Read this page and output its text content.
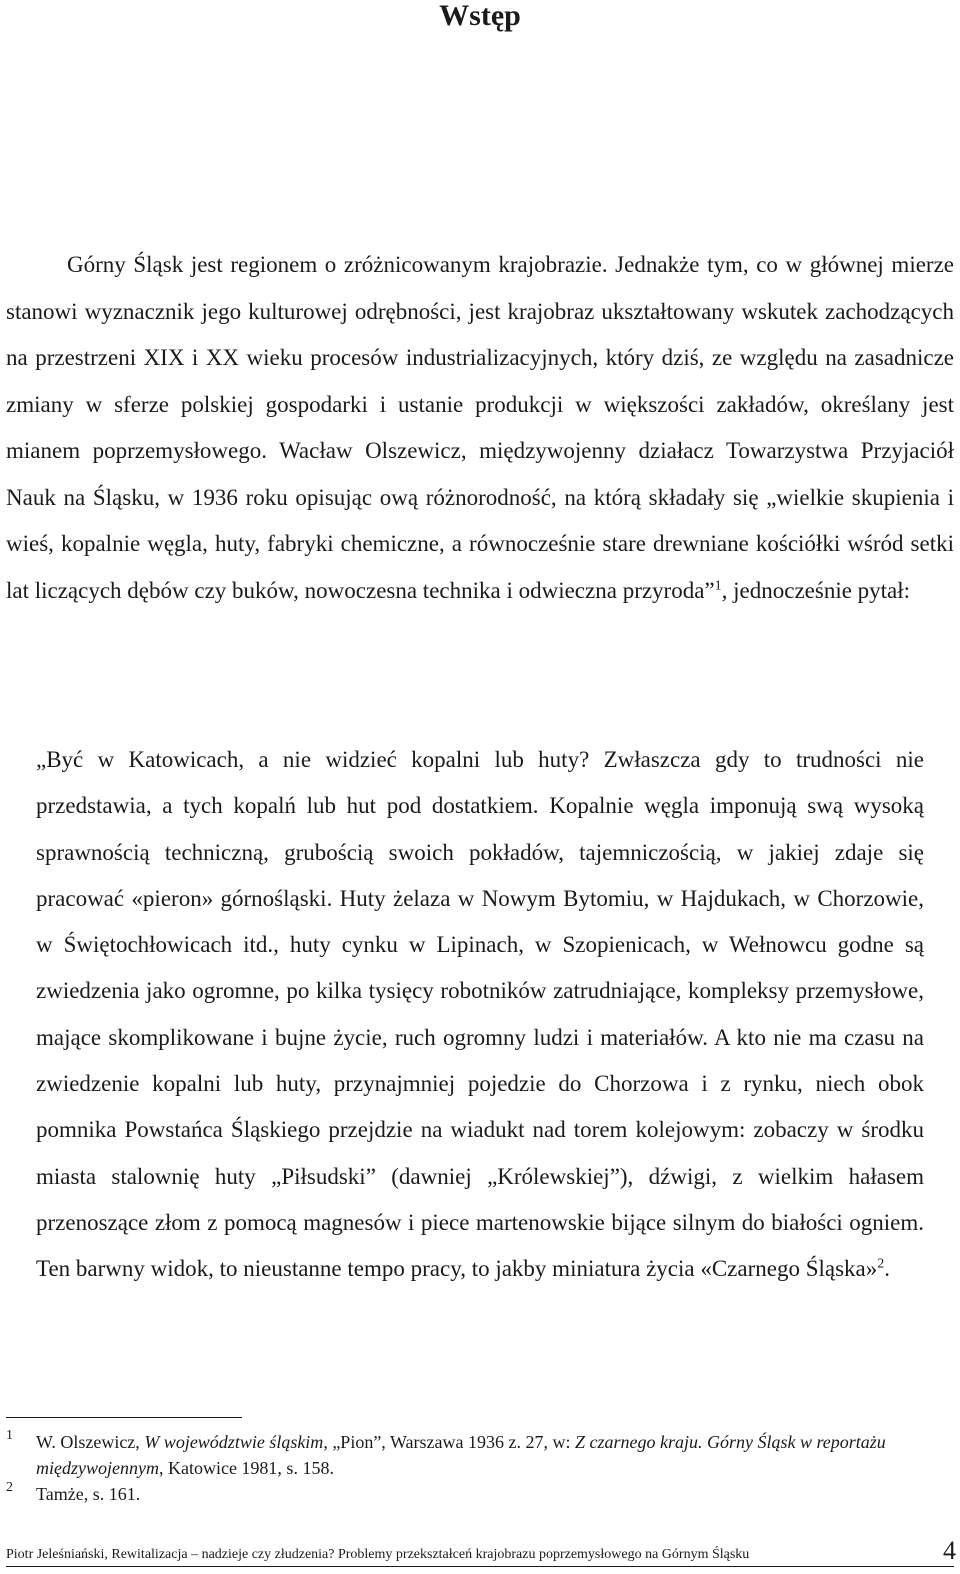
Wstęp

Górny Śląsk jest regionem o zróżnicowanym krajobrazie. Jednakże tym, co w głównej mierze stanowi wyznacznik jego kulturowej odrębności, jest krajobraz ukształtowany wskutek zachodzących na przestrzeni XIX i XX wieku procesów industrializacyjnych, który dziś, ze względu na zasadnicze zmiany w sferze polskiej gospodarki i ustanie produkcji w większości zakładów, określany jest mianem poprzemysłowego. Wacław Olszewicz, międzywojenny działacz Towarzystwa Przyjaciół Nauk na Śląsku, w 1936 roku opisując ową różnorodność, na którą składały się „wielkie skupienia i wieś, kopalnie węgla, huty, fabryki chemiczne, a równocześnie stare drewniane kościółki wśród setki lat liczących dębów czy buków, nowoczesna technika i odwieczna przyroda”$^1$, jednocześnie pytał:

„Być w Katowicach, a nie widzieć kopalni lub huty? Zwłaszcza gdy to trudności nie przedstawia, a tych kopalń lub hut pod dostatkiem. Kopalnie węgla imponują swą wysoką sprawnością techniczną, grubością swoich pokładów, tajemniczością, w jakiej zdaje się pracować «pieron» górnośląski. Huty żelaza w Nowym Bytomiu, w Hajdukach, w Chorzowie, w Świętochłowicach itd., huty cynku w Lipinach, w Szopienicach, w Wełnowcu godne są zwiedzenia jako ogromne, po kilka tysięcy robotników zatrudniające, kompleksy przemysłowe, mające skomplikowane i bujne życie, ruch ogromny ludzi i materiałów. A kto nie ma czasu na zwiedzenie kopalni lub huty, przynajmniej pojedzie do Chorzowa i z rynku, niech obok pomnika Powstańca Śląskiego przejdzie na wiadukt nad torem kolejowym: zobaczy w środku miasta stalownię huty „Piłsudski” (dawniej „Królewskiej”), dźwigi, z wielkim hałasem przenoszące złom z pomocą magnesów i piece martenowskie bijące silnym do białości ogniem. Ten barwny widok, to nieustanne tempo pracy, to jakby miniatura życia «Czarnego Śląska»$^2$.

1 W. Olszewicz, W województwie śląskim, „Pion”, Warszawa 1936 z. 27, w: Z czarnego kraju. Górny Śląsk w reportażu międzywojennym, Katowice 1981, s. 158.
2 Tamże, s. 161.
Piotr Jeleśniański, Rewitalizacja – nadzieje czy złudzenia? Problemy przekształceń krajobrazu poprzemysłowego na Górnym Śląsku	4
